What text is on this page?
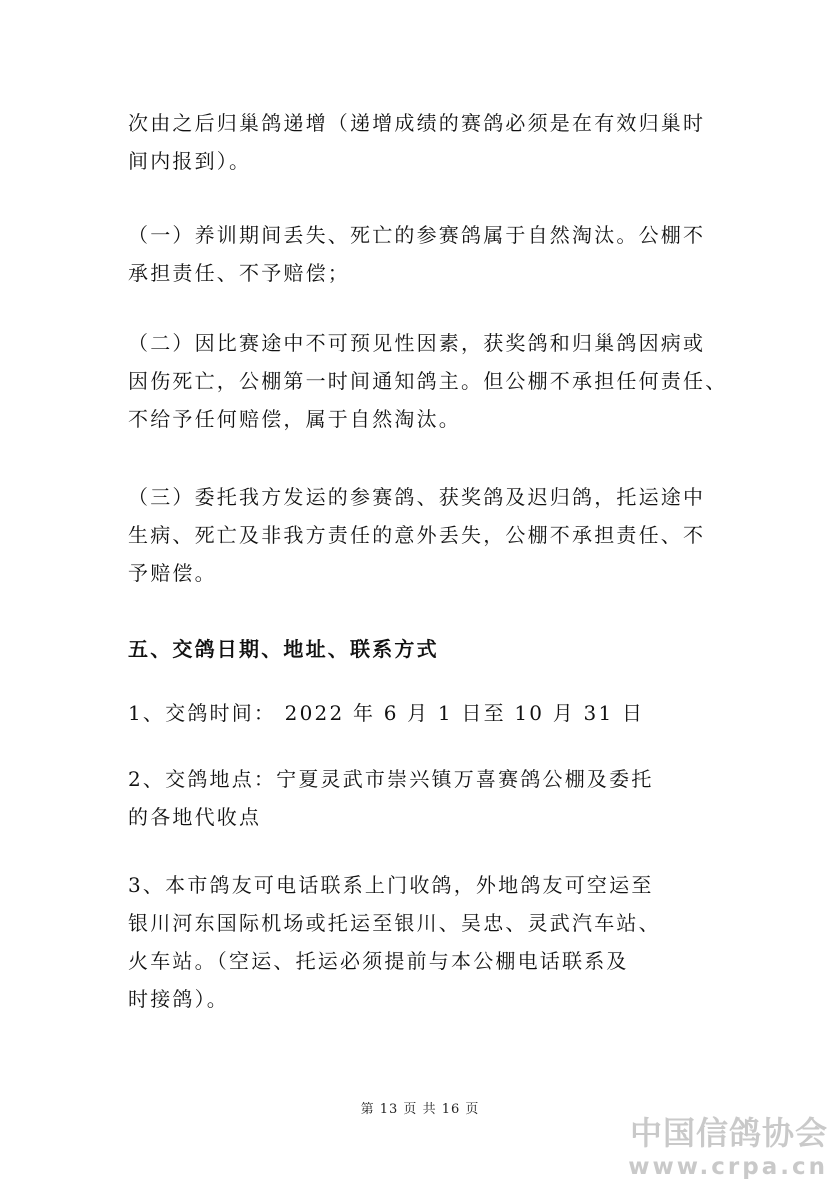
次由之后归巢鸽递增（递增成绩的赛鸽必须是在有效归巢时
间内报到）。
（一）养训期间丢失、死亡的参赛鸽属于自然淘汰。公棚不
承担责任、不予赔偿；
（二）因比赛途中不可预见性因素，获奖鸽和归巢鸽因病或
因伤死亡，公棚第一时间通知鸽主。但公棚不承担任何责任、
不给予任何赔偿，属于自然淘汰。
（三）委托我方发运的参赛鸽、获奖鸽及迟归鸽，托运途中
生病、死亡及非我方责任的意外丢失，公棚不承担责任、不
予赔偿。
五、交鸽日期、地址、联系方式
1、交鸽时间： 2022 年 6 月 1 日至 10 月 31 日
2、交鸽地点：宁夏灵武市崇兴镇万喜赛鸽公棚及委托
的各地代收点
3、本市鸽友可电话联系上门收鸽，外地鸽友可空运至
银川河东国际机场或托运至银川、吴忠、灵武汽车站、
火车站。（空运、托运必须提前与本公棚电话联系及
时接鸽）。
第 13 页 共 16 页
中国信鸽协会
www.crpa.cn
